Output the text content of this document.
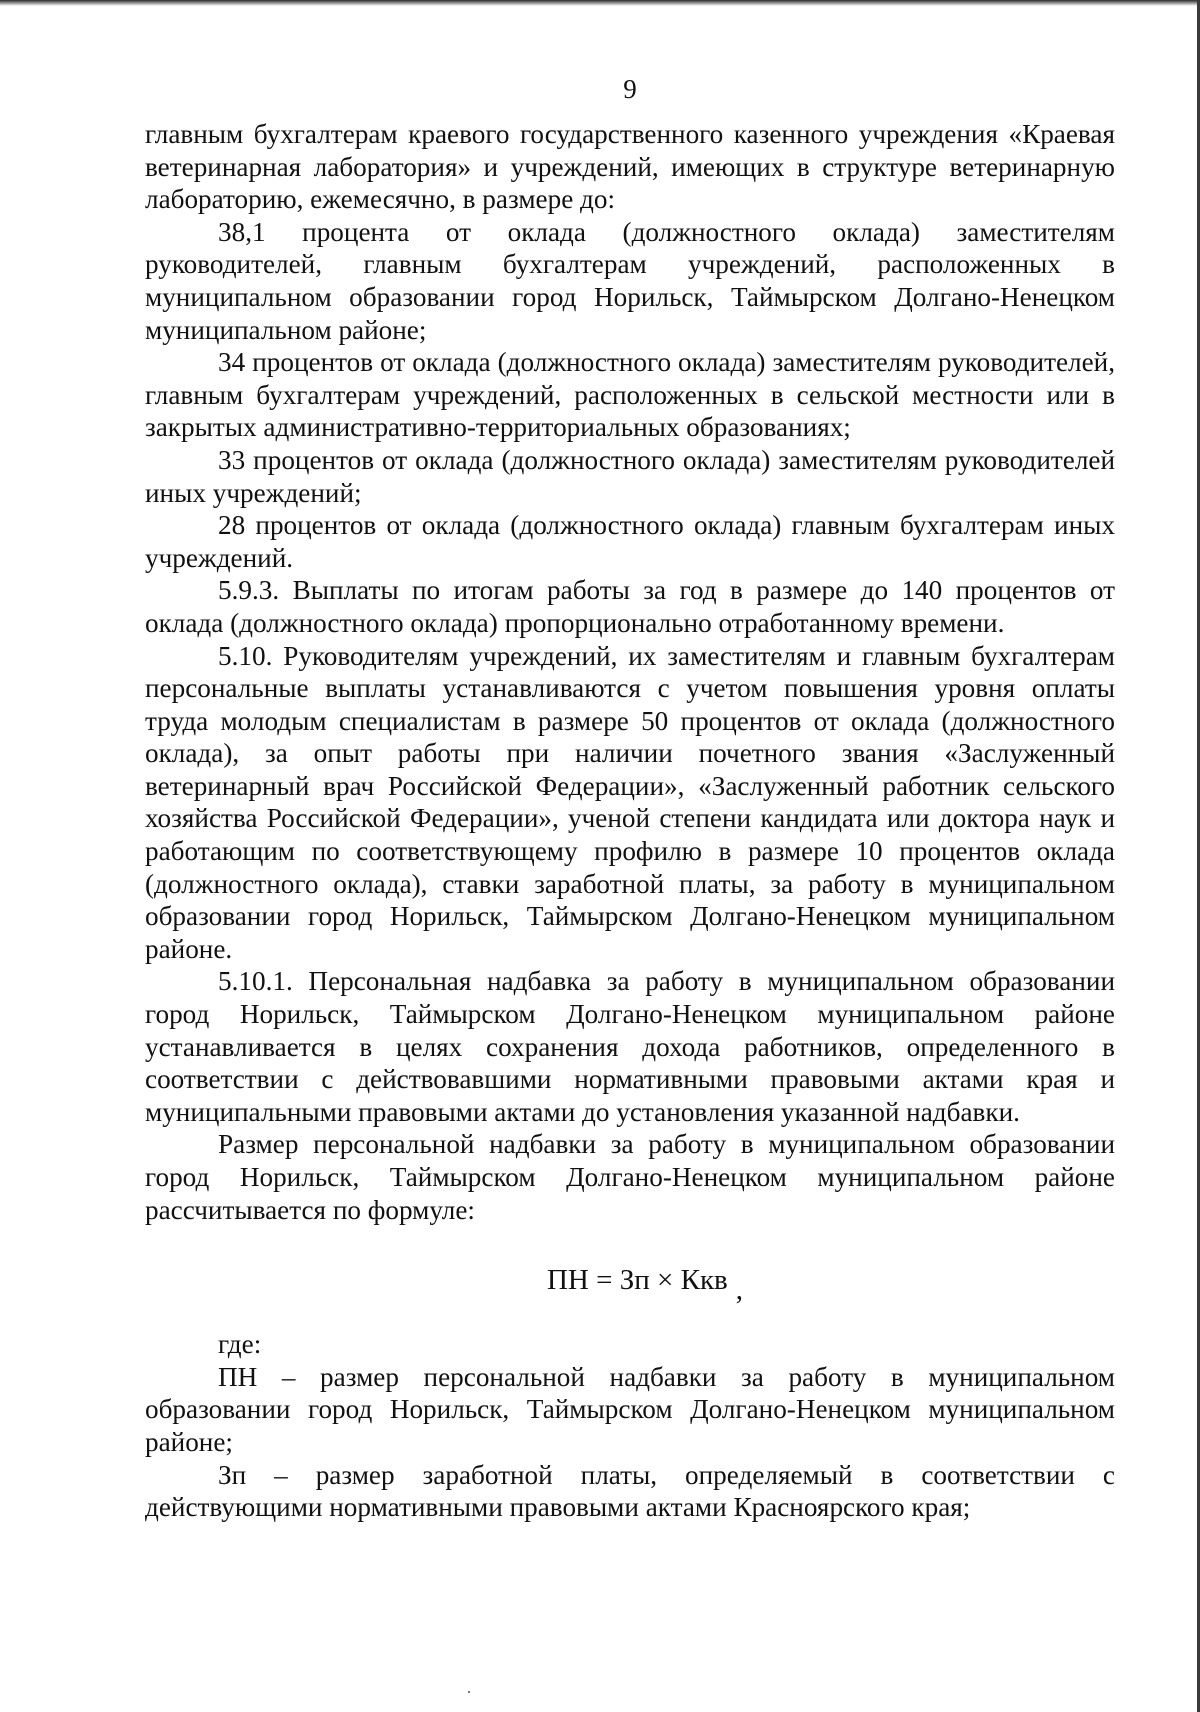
9

главным бухгалтерам краевого государственного казенного учреждения «Краевая ветеринарная лаборатория» и учреждений, имеющих в структуре ветеринарную лабораторию, ежемесячно, в размере до:

38,1 процента от оклада (должностного оклада) заместителям руководителей, главным бухгалтерам учреждений, расположенных в муниципальном образовании город Норильск, Таймырском Долгано-Ненецком муниципальном районе;

34 процентов от оклада (должностного оклада) заместителям руководителей, главным бухгалтерам учреждений, расположенных в сельской местности или в закрытых административно-территориальных образованиях;

33 процентов от оклада (должностного оклада) заместителям руководителей иных учреждений;

28 процентов от оклада (должностного оклада) главным бухгалтерам иных учреждений.

5.9.3. Выплаты по итогам работы за год в размере до 140 процентов от оклада (должностного оклада) пропорционально отработанному времени.

5.10. Руководителям учреждений, их заместителям и главным бухгалтерам персональные выплаты устанавливаются с учетом повышения уровня оплаты труда молодым специалистам в размере 50 процентов от оклада (должностного оклада), за опыт работы при наличии почетного звания «Заслуженный ветеринарный врач Российской Федерации», «Заслуженный работник сельского хозяйства Российской Федерации», ученой степени кандидата или доктора наук и работающим по соответствующему профилю в размере 10 процентов оклада (должностного оклада), ставки заработной платы, за работу в муниципальном образовании город Норильск, Таймырском Долгано-Ненецком муниципальном районе.

5.10.1. Персональная надбавка за работу в муниципальном образовании город Норильск, Таймырском Долгано-Ненецком муниципальном районе устанавливается в целях сохранения дохода работников, определенного в соответствии с действовавшими нормативными правовыми актами края и муниципальными правовыми актами до установления указанной надбавки.

Размер персональной надбавки за работу в муниципальном образовании город Норильск, Таймырском Долгано-Ненецком муниципальном районе рассчитывается по формуле:

ПН = Зп × Ккв ,

где:

ПН – размер персональной надбавки за работу в муниципальном образовании город Норильск, Таймырском Долгано-Ненецком муниципальном районе;

Зп – размер заработной платы, определяемый в соответствии с действующими нормативными правовыми актами Красноярского края;
